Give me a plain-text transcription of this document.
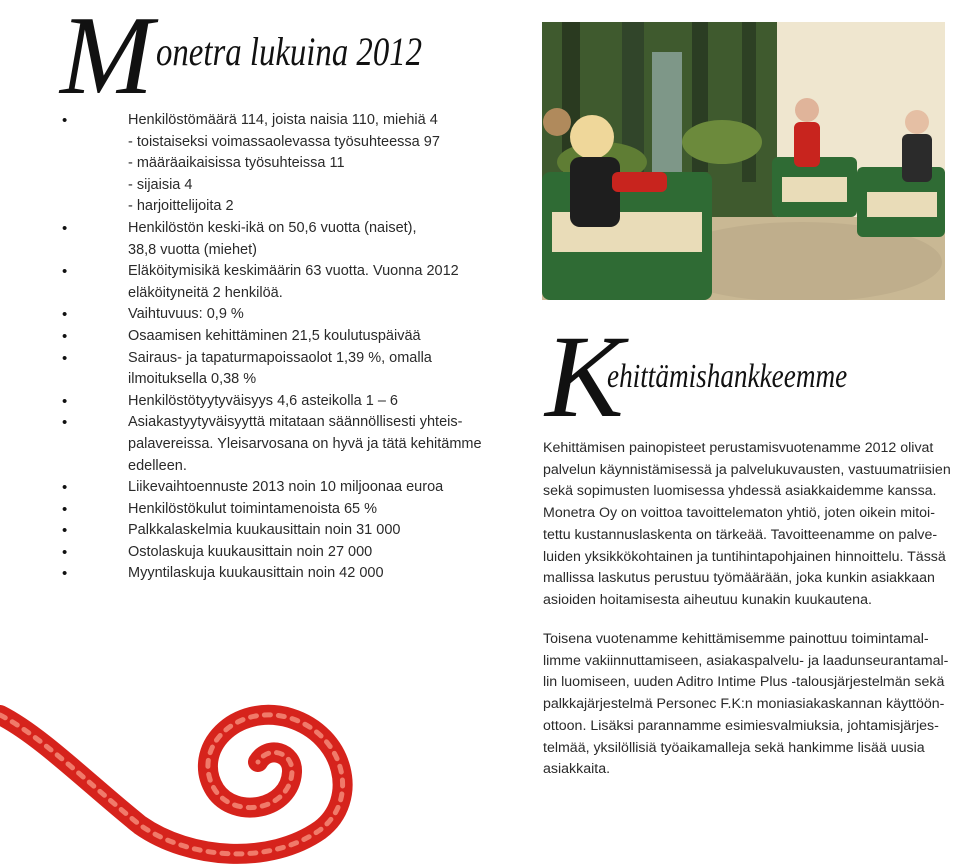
M onetra lukuina 2012
• Henkilöstömäärä 114, joista naisia 110, miehiä 4
- toistaiseksi voimassaolevassa työsuhteessa 97
- määräaikaisissa työsuhteissa 11
- sijaisia 4
- harjoittelijoita 2
• Henkilöstön keski-ikä on 50,6 vuotta (naiset),
38,8 vuotta (miehet)
• Eläköitymisikä keskimäärin 63 vuotta. Vuonna 2012
eläköityneitä 2 henkilöä.
• Vaihtuvuus: 0,9 %
• Osaamisen kehittäminen 21,5 koulutuspäivää
• Sairaus- ja tapaturmapoissaolot 1,39 %, omalla
ilmoituksella 0,38 %
• Henkilöstötyytyväisyys 4,6 asteikolla 1 – 6
• Asiakastyytyväisyyttä mitataan säännöllisesti yhteis-
palavereissa. Yleisarvosana on hyvä ja tätä kehitämme
edelleen.
• Liikevaihtoennuste 2013 noin 10 miljoonaa euroa
• Henkilöstökulut toimintamenoista 65 %
• Palkkalaskelmia kuukausittain noin 31 000
• Ostolaskuja kuukausittain noin 27 000
• Myyntilaskuja kuukausittain noin 42 000
K
ehittämishankkeemme
Kehittämisen painopisteet perustamisvuotenamme 2012 olivat
palvelun käynnistämisessä ja palvelukuvausten, vastuumatriisien
sekä sopimusten luomisessa yhdessä asiakkaidemme kanssa.
Monetra Oy on voittoa tavoittelematon yhtiö, joten oikein mitoi-
tettu kustannuslaskenta on tärkeää. Tavoitteenamme on palve-
luiden yksikkökohtainen ja tuntihintapohjainen hinnoittelu. Tässä
mallissa laskutus perustuu työmäärään, joka kunkin asiakkaan
asioiden hoitamisesta aiheutuu kunakin kuukautena.
Toisena vuotenamme kehittämisemme painottuu toimintamal-
limme vakiinnuttamiseen, asiakaspalvelu- ja laadunseurantamal-
lin luomiseen, uuden Aditro Intime Plus -talousjärjestelmän sekä
palkkajärjestelmä Personec F.K:n moniasiakaskannan käyttöön-
ottoon. Lisäksi parannamme esimiesvalmiuksia, johtamisjärjes-
telmää, yksilöllisiä työaikamalleja sekä hankimme lisää uusia
asiakkaita.
